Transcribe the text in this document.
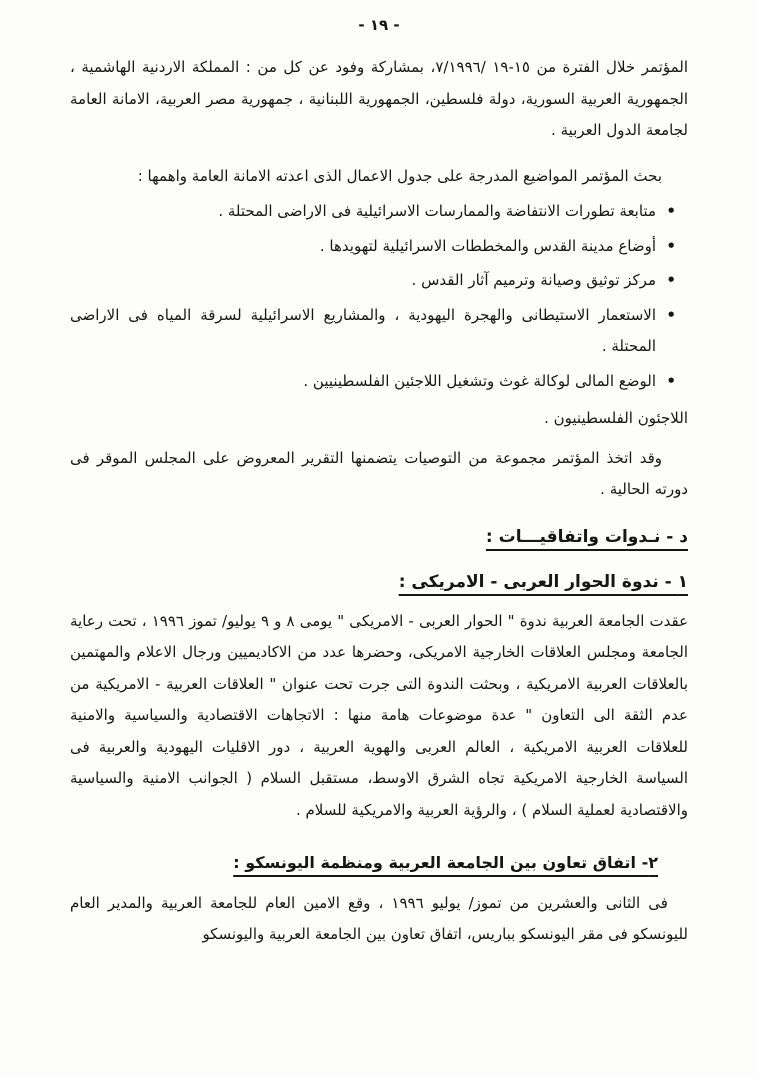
- ١٩ -

المؤتمر خلال الفترة من ١٥-١٩ /٧/١٩٩٦، بمشاركة وفود عن كل من : المملكة الاردنية الهاشمية ، الجمهورية العربية السورية، دولة فلسطين، الجمهورية اللبنانية ، جمهورية مصر العربية، الامانة العامة لجامعة الدول العربية .

بحث المؤتمر المواضيع المدرجة على جدول الاعمال الذى اعدته الامانة العامة واهمها :

•
متابعة تطورات الانتفاضة والممارسات الاسرائيلية فى الاراضى المحتلة .
•
أوضاع مدينة القدس والمخططات الاسرائيلية لتهويدها .
•
مركز توثيق وصيانة وترميم آثار القدس .
•
الاستعمار الاستيطانى والهجرة اليهودية ، والمشاريع الاسرائيلية لسرقة المياه فى الاراضى المحتلة .
•
الوضع المالى لوكالة غوث وتشغيل اللاجئين الفلسطينيين .

اللاجئون الفلسطينيون .

وقد اتخذ المؤتمر مجموعة من التوصيات يتضمنها التقرير المعروض على المجلس الموقر فى دورته الحالية .

د - نـدوات واتفاقيـــات :
١ - ندوة الحوار العربى - الامريكى :

عقدت الجامعة العربية ندوة " الحوار العربى - الامريكى " يومى ٨ و ٩ يوليو/ تموز ١٩٩٦ ، تحت رعاية الجامعة ومجلس العلاقات الخارجية الامريكى، وحضرها عدد من الاكاديميين ورجال الاعلام والمهتمين بالعلاقات العربية الامريكية ، وبحثت الندوة التى جرت تحت عنوان " العلاقات العربية - الامريكية من عدم الثقة الى التعاون " عدة موضوعات هامة منها : الاتجاهات الاقتصادية والسياسية والامنية للعلاقات العربية الامريكية ، العالم العربى والهوية العربية ، دور الاقليات اليهودية والعربية فى السياسة الخارجية الامريكية تجاه الشرق الاوسط، مستقبل السلام ( الجوانب الامنية والسياسية والاقتصادية لعملية السلام ) ، والرؤية العربية والامريكية للسلام .

٢- اتفاق تعاون بين الجامعة العربية ومنظمة اليونسكو :

فى الثانى والعشرين من تموز/ يوليو ١٩٩٦ ، وقع الامين العام للجامعة العربية والمدير العام لليونسكو فى مقر اليونسكو بباريس، اتفاق تعاون بين الجامعة العربية واليونسكو
